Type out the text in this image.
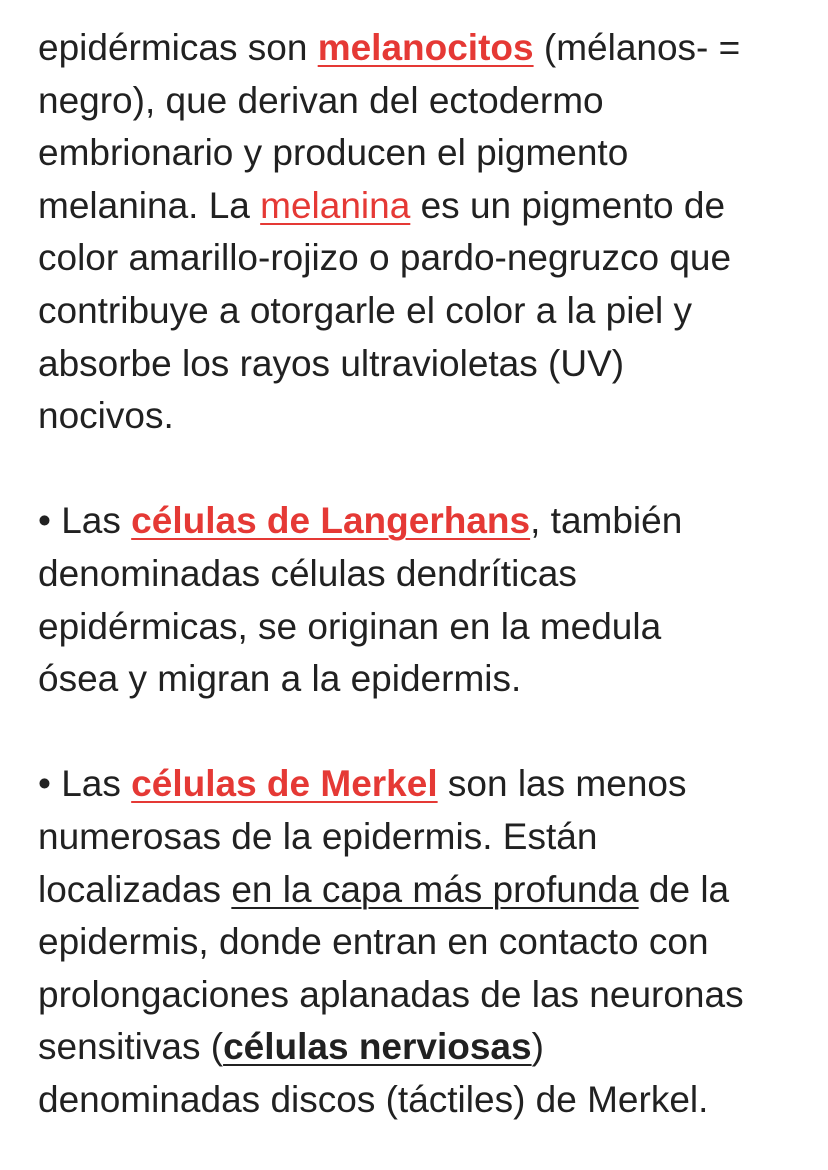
epidérmicas son melanocitos (mélanos- =
negro), que derivan del ectodermo
embrionario y producen el pigmento
melanina. La melanina es un pigmento de
color amarillo-rojizo o pardo-negruzco que
contribuye a otorgarle el color a la piel y
absorbe los rayos ultravioletas (UV)
nocivos.

• Las células de Langerhans, también
denominadas células dendríticas
epidérmicas, se originan en la medula
ósea y migran a la epidermis.

• Las células de Merkel son las menos
numerosas de la epidermis. Están
localizadas en la capa más profunda de la
epidermis, donde entran en contacto con
prolongaciones aplanadas de las neuronas
sensitivas (células nerviosas)
denominadas discos (táctiles) de Merkel.
